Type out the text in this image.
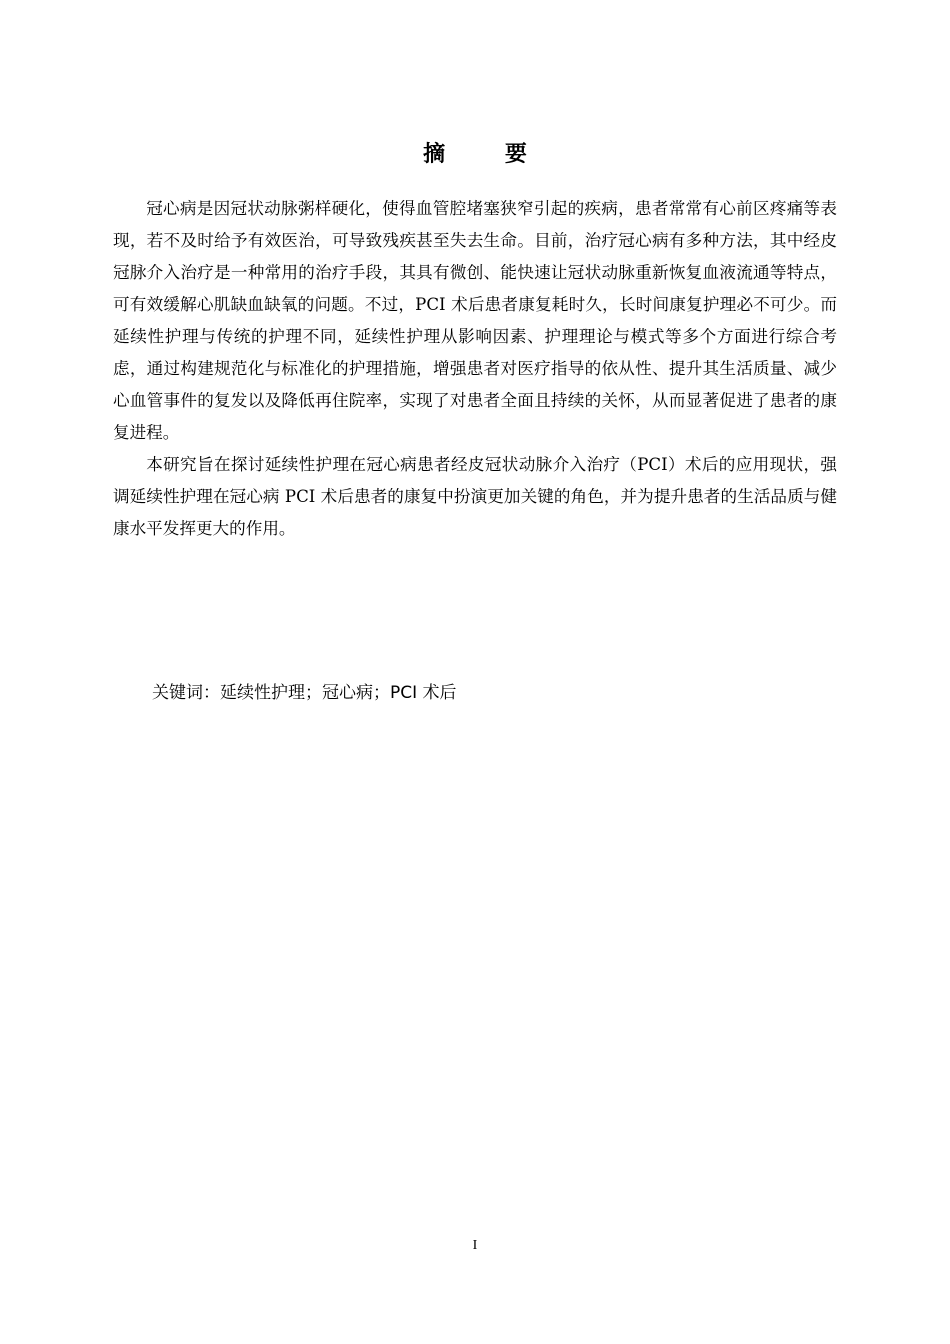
摘 要

冠心病是因冠状动脉粥样硬化，使得血管腔堵塞狭窄引起的疾病，患者常常有心前区疼痛等表现，若不及时给予有效医治，可导致残疾甚至失去生命。目前，治疗冠心病有多种方法，其中经皮冠脉介入治疗是一种常用的治疗手段，其具有微创、能快速让冠状动脉重新恢复血液流通等特点，可有效缓解心肌缺血缺氧的问题。不过，PCI 术后患者康复耗时久，长时间康复护理必不可少。而延续性护理与传统的护理不同，延续性护理从影响因素、护理理论与模式等多个方面进行综合考虑，通过构建规范化与标准化的护理措施，增强患者对医疗指导的依从性、提升其生活质量、减少心血管事件的复发以及降低再住院率，实现了对患者全面且持续的关怀，从而显著促进了患者的康复进程。

本研究旨在探讨延续性护理在冠心病患者经皮冠状动脉介入治疗（PCI）术后的应用现状，强调延续性护理在冠心病 PCI 术后患者的康复中扮演更加关键的角色，并为提升患者的生活品质与健康水平发挥更大的作用。

关键词：延续性护理；冠心病；PCI 术后
I
